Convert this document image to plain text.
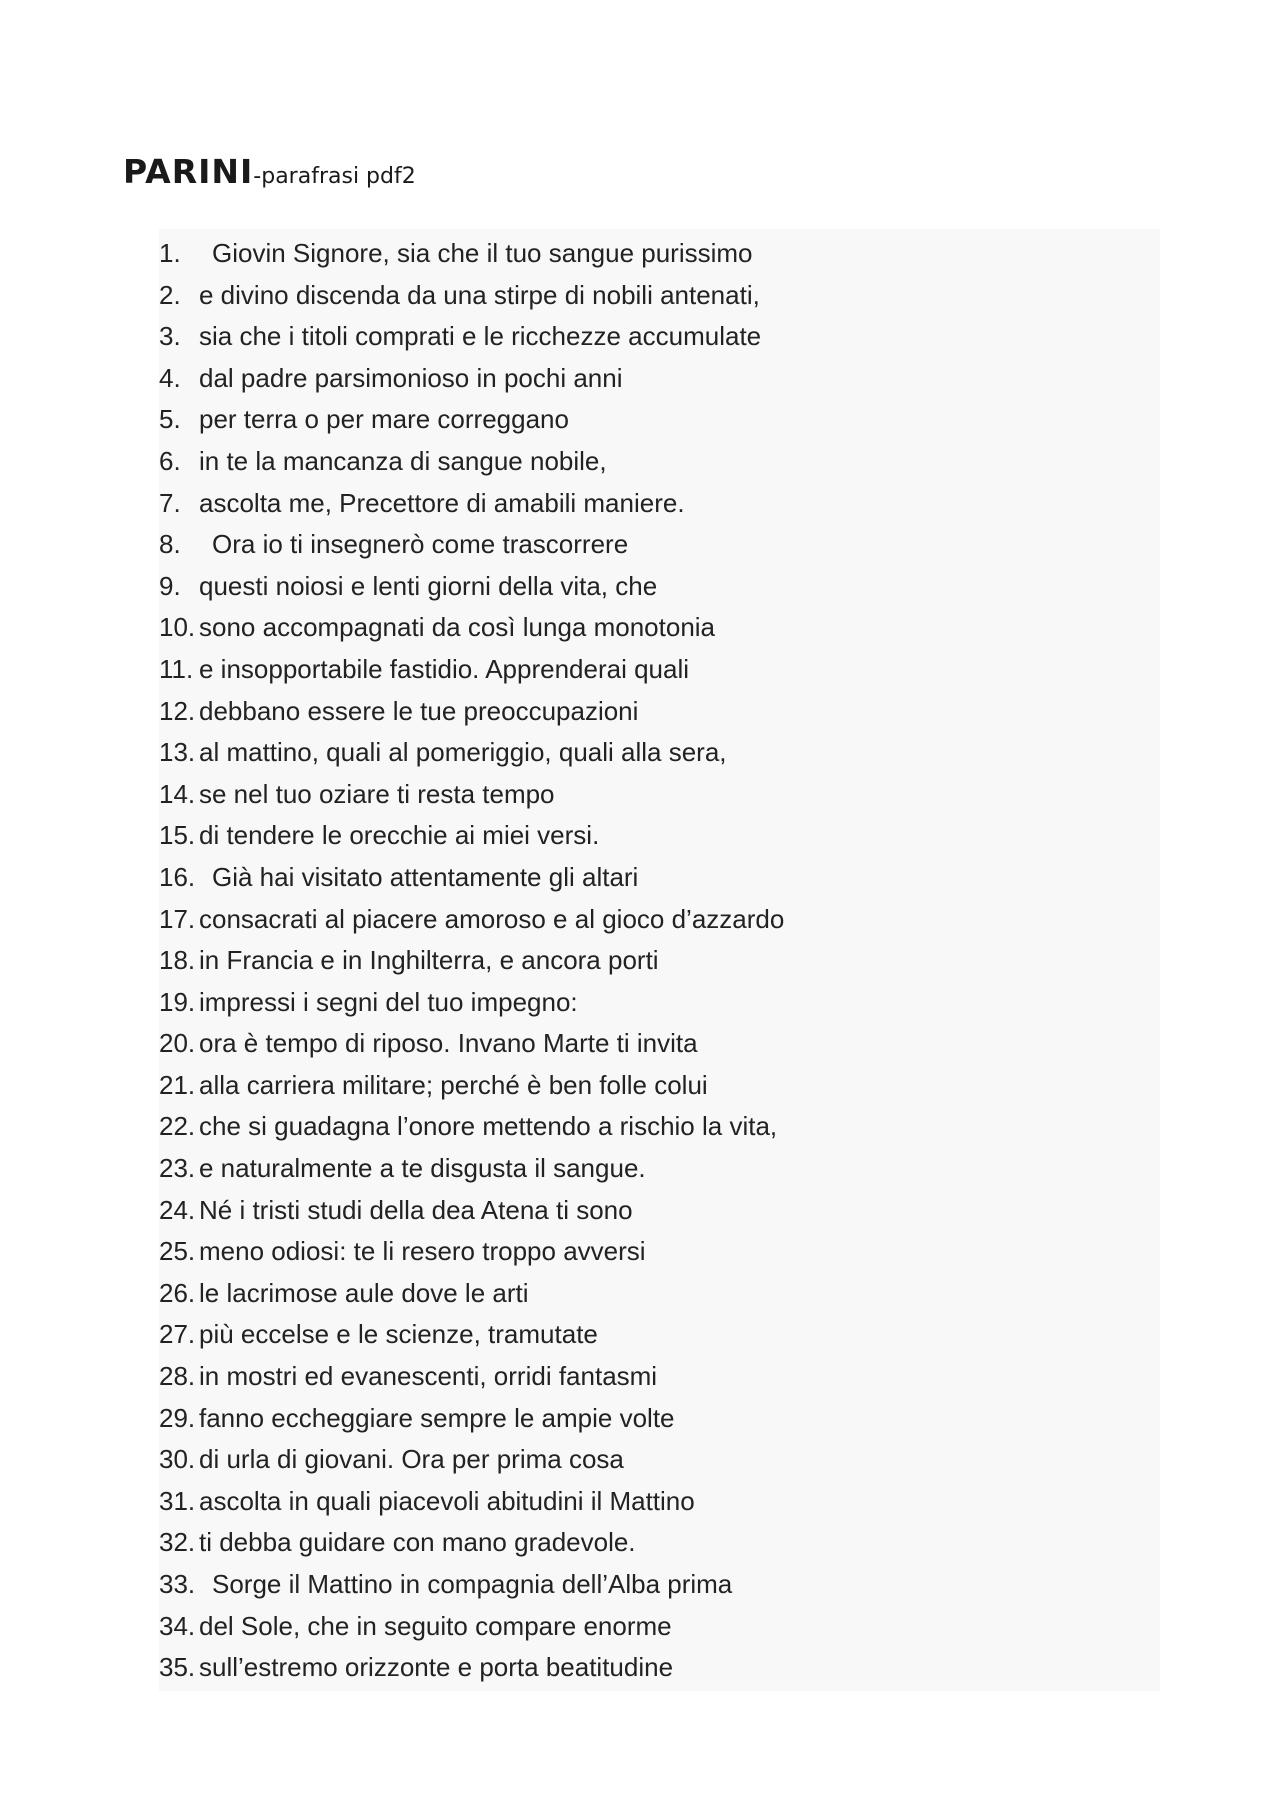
PARINI-parafrasi pdf2
1.	Giovin Signore, sia che il tuo sangue purissimo
2. e divino discenda da una stirpe di nobili antenati,
3. sia che i titoli comprati e le ricchezze accumulate
4. dal padre parsimonioso in pochi anni
5. per terra o per mare correggano
6. in te la mancanza di sangue nobile,
7. ascolta me, Precettore di amabili maniere.
8.	Ora io ti insegnerò come trascorrere
9. questi noiosi e lenti giorni della vita, che
10. sono accompagnati da così lunga monotonia
11. e insopportabile fastidio. Apprenderai quali
12. debbano essere le tue preoccupazioni
13. al mattino, quali al pomeriggio, quali alla sera,
14. se nel tuo oziare ti resta tempo
15. di tendere le orecchie ai miei versi.
16. Già hai visitato attentamente gli altari
17. consacrati al piacere amoroso e al gioco d’azzardo
18. in Francia e in Inghilterra, e ancora porti
19. impressi i segni del tuo impegno:
20. ora è tempo di riposo. Invano Marte ti invita
21. alla carriera militare; perché è ben folle colui
22. che si guadagna l’onore mettendo a rischio la vita,
23. e naturalmente a te disgusta il sangue.
24. Né i tristi studi della dea Atena ti sono
25. meno odiosi: te li resero troppo avversi
26. le lacrimose aule dove le arti
27. più eccelse e le scienze, tramutate
28. in mostri ed evanescenti, orridi fantasmi
29. fanno eccheggiare sempre le ampie volte
30. di urla di giovani. Ora per prima cosa
31. ascolta in quali piacevoli abitudini il Mattino
32. ti debba guidare con mano gradevole.
33. Sorge il Mattino in compagnia dell’Alba prima
34. del Sole, che in seguito compare enorme
35. sull’estremo orizzonte e porta beatitudine
